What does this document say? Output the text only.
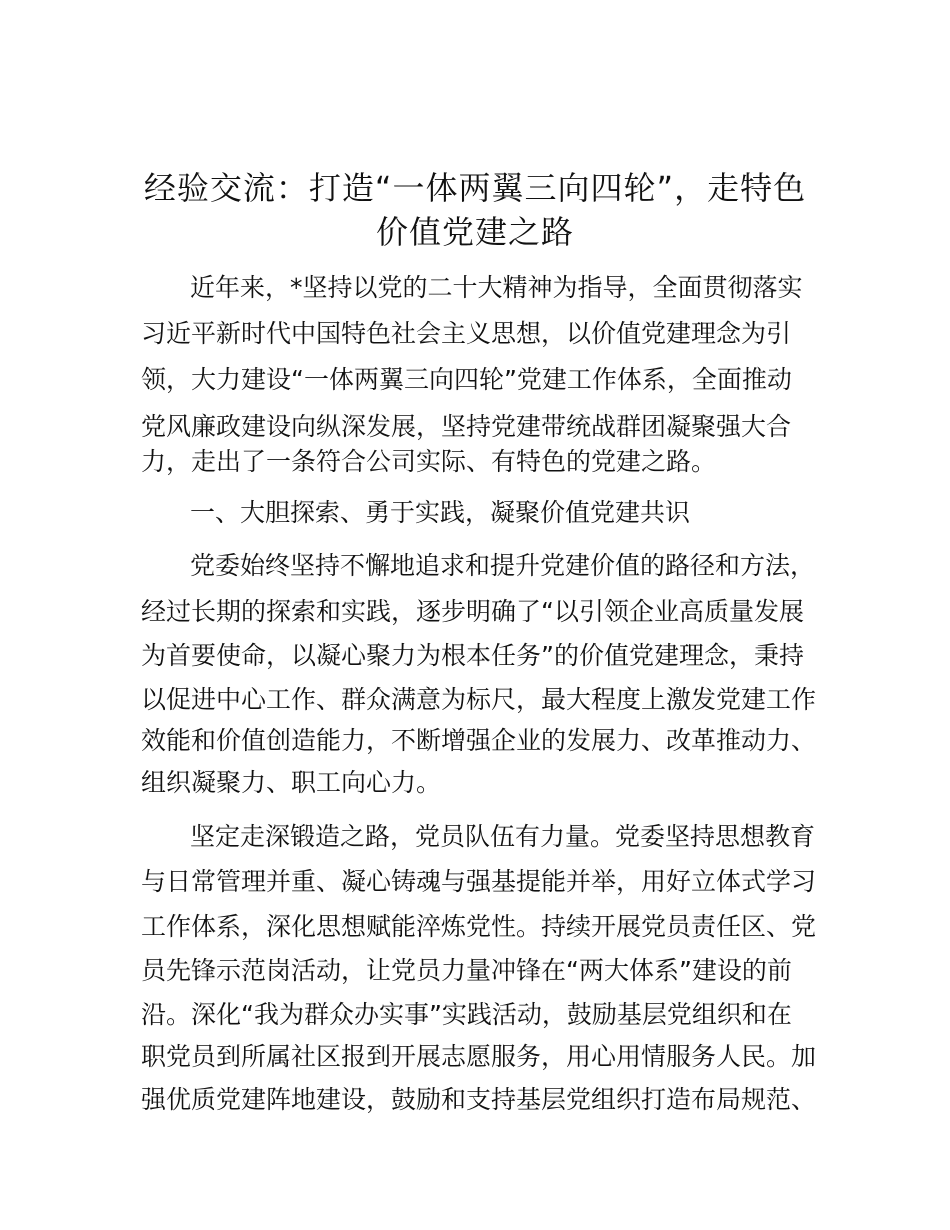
经验交流：打造“一体两翼三向四轮”，走特色
价值党建之路

近年来，*坚持以党的二十大精神为指导，全面贯彻落实

习近平新时代中国特色社会主义思想，以价值党建理念为引

领，大力建设“一体两翼三向四轮”党建工作体系，全面推动

党风廉政建设向纵深发展，坚持党建带统战群团凝聚强大合

力，走出了一条符合公司实际、有特色的党建之路。

一、大胆探索、勇于实践，凝聚价值党建共识

党委始终坚持不懈地追求和提升党建价值的路径和方法，

经过长期的探索和实践，逐步明确了“以引领企业高质量发展

为首要使命，以凝心聚力为根本任务”的价值党建理念，秉持

以促进中心工作、群众满意为标尺，最大程度上激发党建工作

效能和价值创造能力，不断增强企业的发展力、改革推动力、

组织凝聚力、职工向心力。

坚定走深锻造之路，党员队伍有力量。党委坚持思想教育

与日常管理并重、凝心铸魂与强基提能并举，用好立体式学习

工作体系，深化思想赋能淬炼党性。持续开展党员责任区、党

员先锋示范岗活动，让党员力量冲锋在“两大体系”建设的前

沿。深化“我为群众办实事”实践活动，鼓励基层党组织和在

职党员到所属社区报到开展志愿服务，用心用情服务人民。加

强优质党建阵地建设，鼓励和支持基层党组织打造布局规范、
